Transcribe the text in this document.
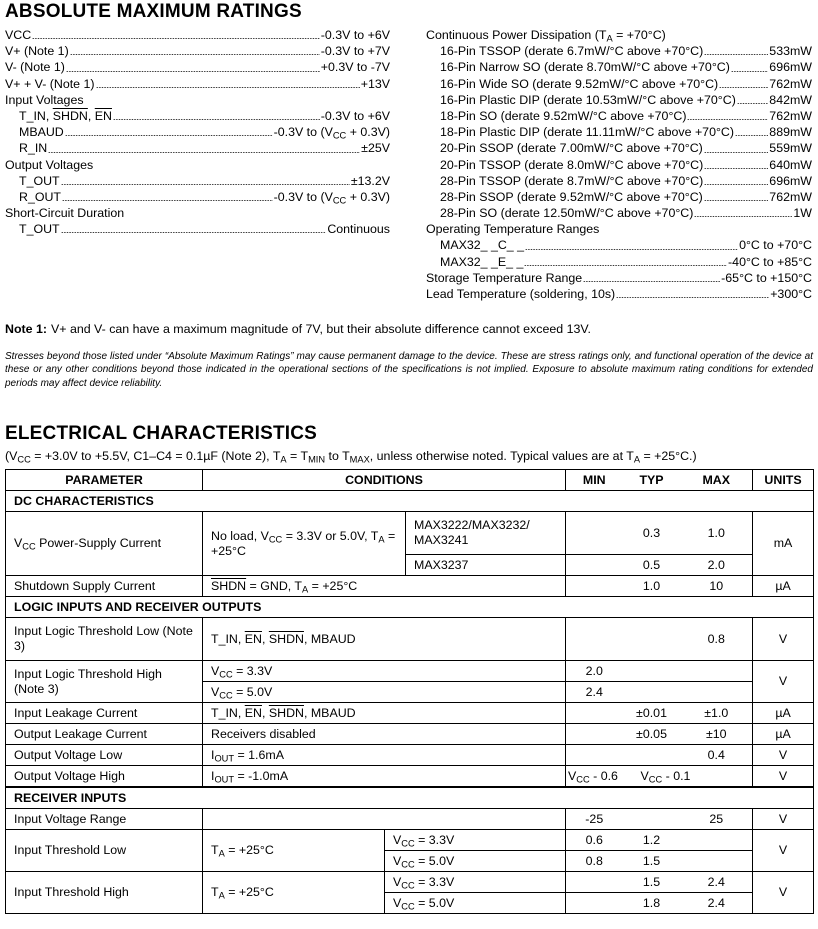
ABSOLUTE MAXIMUM RATINGS
VCC	-0.3V to +6V
V+ (Note 1)	-0.3V to +7V
V- (Note 1)	+0.3V to -7V
V+ + V- (Note 1)	+13V
Input Voltages
T_IN, SHDN, $\overline{EN}$	-0.3V to +6V
MBAUD	-0.3V to $(V_{CC} + 0.3V)$
R_IN	±25V
Output Voltages
T_OUT	±13.2V
R_OUT	-0.3V to $(V_{CC} + 0.3V)$
Short-Circuit Duration
T_OUT	Continuous
Continuous Power Dissipation $(T_A = +70^\circ C)$
16-Pin TSSOP (derate 6.7mW/°C above +70°C)	533mW
16-Pin Narrow SO (derate 8.70mW/°C above +70°C)	696mW
16-Pin Wide SO (derate 9.52mW/°C above +70°C)	762mW
16-Pin Plastic DIP (derate 10.53mW/°C above +70°C)	842mW
18-Pin SO (derate 9.52mW/°C above +70°C)	762mW
18-Pin Plastic DIP (derate 11.11mW/°C above +70°C)	889mW
20-Pin SSOP (derate 7.00mW/°C above +70°C)	559mW
20-Pin TSSOP (derate 8.0mW/°C above +70°C)	640mW
28-Pin TSSOP (derate 8.7mW/°C above +70°C)	696mW
28-Pin SSOP (derate 9.52mW/°C above +70°C)	762mW
28-Pin SO (derate 12.50mW/°C above +70°C)	1W
Operating Temperature Ranges
MAX32_ _C_ _	0°C to +70°C
MAX32_ _E_ _	-40°C to +85°C
Storage Temperature Range	-65°C to +150°C
Lead Temperature (soldering, 10s)	+300°C
Note 1: V+ and V- can have a maximum magnitude of 7V, but their absolute difference cannot exceed 13V.
Stresses beyond those listed under “Absolute Maximum Ratings” may cause permanent damage to the device. These are stress ratings only, and functional operation of the device at these or any other conditions beyond those indicated in the operational sections of the specifications is not implied. Exposure to absolute maximum rating conditions for extended periods may affect device reliability.
ELECTRICAL CHARACTERISTICS
($V_{CC} = +3.0V$ to +5.5V, C1–C4 = 0.1µF (Note 2), $T_A = T_{MIN}$ to $T_{MAX}$, unless otherwise noted. Typical values are at $T_A = +25^\circ C$.)
PARAMETER	CONDITIONS			MIN	TYP	MAX	UNITS
DC CHARACTERISTICS							
$V_{CC}$ Power-Supply Current	No load, $V_{CC} = 3.3V$ or 5.0V, $T_A = +25^\circ C$		MAX3222/MAX3232/ MAX3241		0.3	1.0	mA
			MAX3237		0.5	2.0	
Shutdown Supply Current	SHDN = GND, $T_A = +25^\circ C$				1.0	10	µA
LOGIC INPUTS AND RECEIVER OUTPUTS							
Input Logic Threshold Low (Note 3)	T_IN, $\overline{EN}$, SHDN, MBAUD					0.8	V
Input Logic Threshold High (Note 3)	$V_{CC} = 3.3V$			2.0			V
	$V_{CC} = 5.0V$			2.4			
Input Leakage Current	T_IN, $\overline{EN}$, SHDN, MBAUD				±0.01	±1.0	µA
Output Leakage Current	Receivers disabled				±0.05	±10	µA
Output Voltage Low	$I_{OUT} = 1.6mA$					0.4	V
Output Voltage High	$I_{OUT} = -1.0mA$			$V_{CC} - 0.6$	$V_{CC} - 0.1$		V
RECEIVER INPUTS							
Input Voltage Range				-25		25	V
Input Threshold Low	$T_A = +25^\circ C$	$V_{CC} = 3.3V$		0.6	1.2		V
		$V_{CC} = 5.0V$		0.8	1.5		
Input Threshold High	$T_A = +25^\circ C$	$V_{CC} = 3.3V$			1.5	2.4	V
		$V_{CC} = 5.0V$			1.8	2.4	
